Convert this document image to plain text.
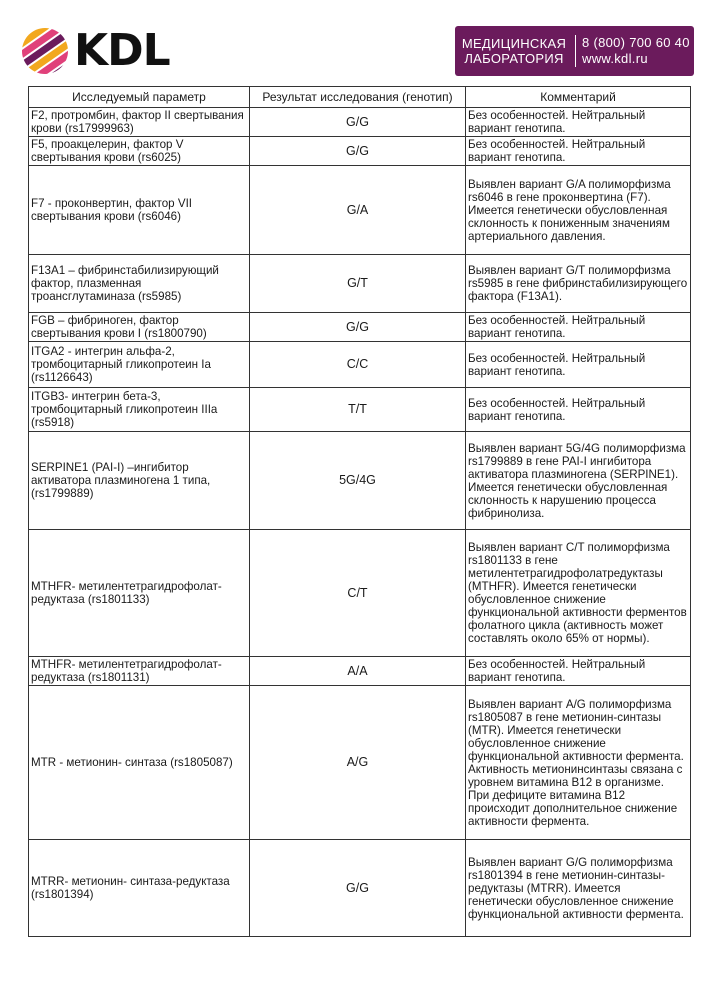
KDL	МЕДИЦИНСКАЯ
ЛАБОРАТОРИЯ
8 (800) 700 60 40
www.kdl.ru
Исследуемый параметр	Результат исследования (генотип)	Комментарий
F2, протромбин, фактор II свертывания крови (rs17999963)	G/G	Без особенностей. Нейтральный вариант генотипа.
F5, проакцелерин, фактор V свертывания крови (rs6025)	G/G	Без особенностей. Нейтральный вариант генотипа.
F7 - проконвертин, фактор VII свертывания крови (rs6046)	G/A	Выявлен вариант G/A полиморфизма rs6046 в гене проконвертина (F7). Имеется генетически обусловленная склонность к пониженным значениям артериального давления.
F13A1 – фибринстабилизирующий фактор, плазменная троансглутаминаза (rs5985)	G/T	Выявлен вариант G/T полиморфизма rs5985 в гене фибринстабилизирующего фактора (F13A1).
FGB – фибриноген, фактор свертывания крови I (rs1800790)	G/G	Без особенностей. Нейтральный вариант генотипа.
ITGA2 - интегрин альфа-2, тромбоцитарный гликопротеин Ia (rs1126643)	C/C	Без особенностей. Нейтральный вариант генотипа.
ITGB3- интегрин бета-3, тромбоцитарный гликопротеин IIIa (rs5918)	T/T	Без особенностей. Нейтральный вариант генотипа.
SERPINE1 (PAI-I) –ингибитор активатора плазминогена 1 типа, (rs1799889)	5G/4G	Выявлен вариант 5G/4G полиморфизма rs1799889 в гене PAI-I ингибитора активатора плазминогена (SERPINE1). Имеется генетически обусловленная склонность к нарушению процесса фибринолиза.
MTHFR- метилентетрагидрофолат-редуктаза (rs1801133)	C/T	Выявлен вариант C/T полиморфизма rs1801133 в гене метилентетрагидрофолатредуктазы (MTHFR). Имеется генетически обусловленное снижение функциональной активности ферментов фолатного цикла (активность может составлять около 65% от нормы).
MTHFR- метилентетрагидрофолат-редуктаза (rs1801131)	A/A	Без особенностей. Нейтральный вариант генотипа.
MTR - метионин- синтаза (rs1805087)	A/G	Выявлен вариант A/G полиморфизма rs1805087 в гене метионин-синтазы (MTR). Имеется генетически обусловленное снижение функциональной активности фермента. Активность метионинсинтазы связана с уровнем витамина B12 в организме. При дефиците витамина B12 происходит дополнительное снижение активности фермента.
MTRR- метионин- синтаза-редуктаза (rs1801394)	G/G	Выявлен вариант G/G полиморфизма rs1801394 в гене метионин-синтазы-редуктазы (MTRR). Имеется генетически обусловленное снижение функциональной активности фермента.
